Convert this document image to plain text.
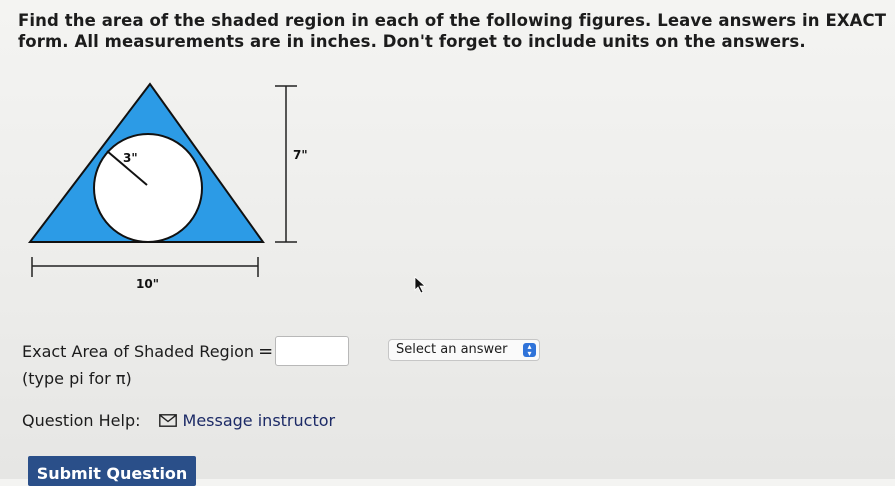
Find the area of the shaded region in each of the following figures. Leave answers in EXACT form. All measurements are in inches. Don't forget to include units on the answers.
3"	7"
10"
Exact Area of Shaded Region =	Select an answer	▴
▾
(type pi for π)
Question Help:	Message instructor
Submit Question
